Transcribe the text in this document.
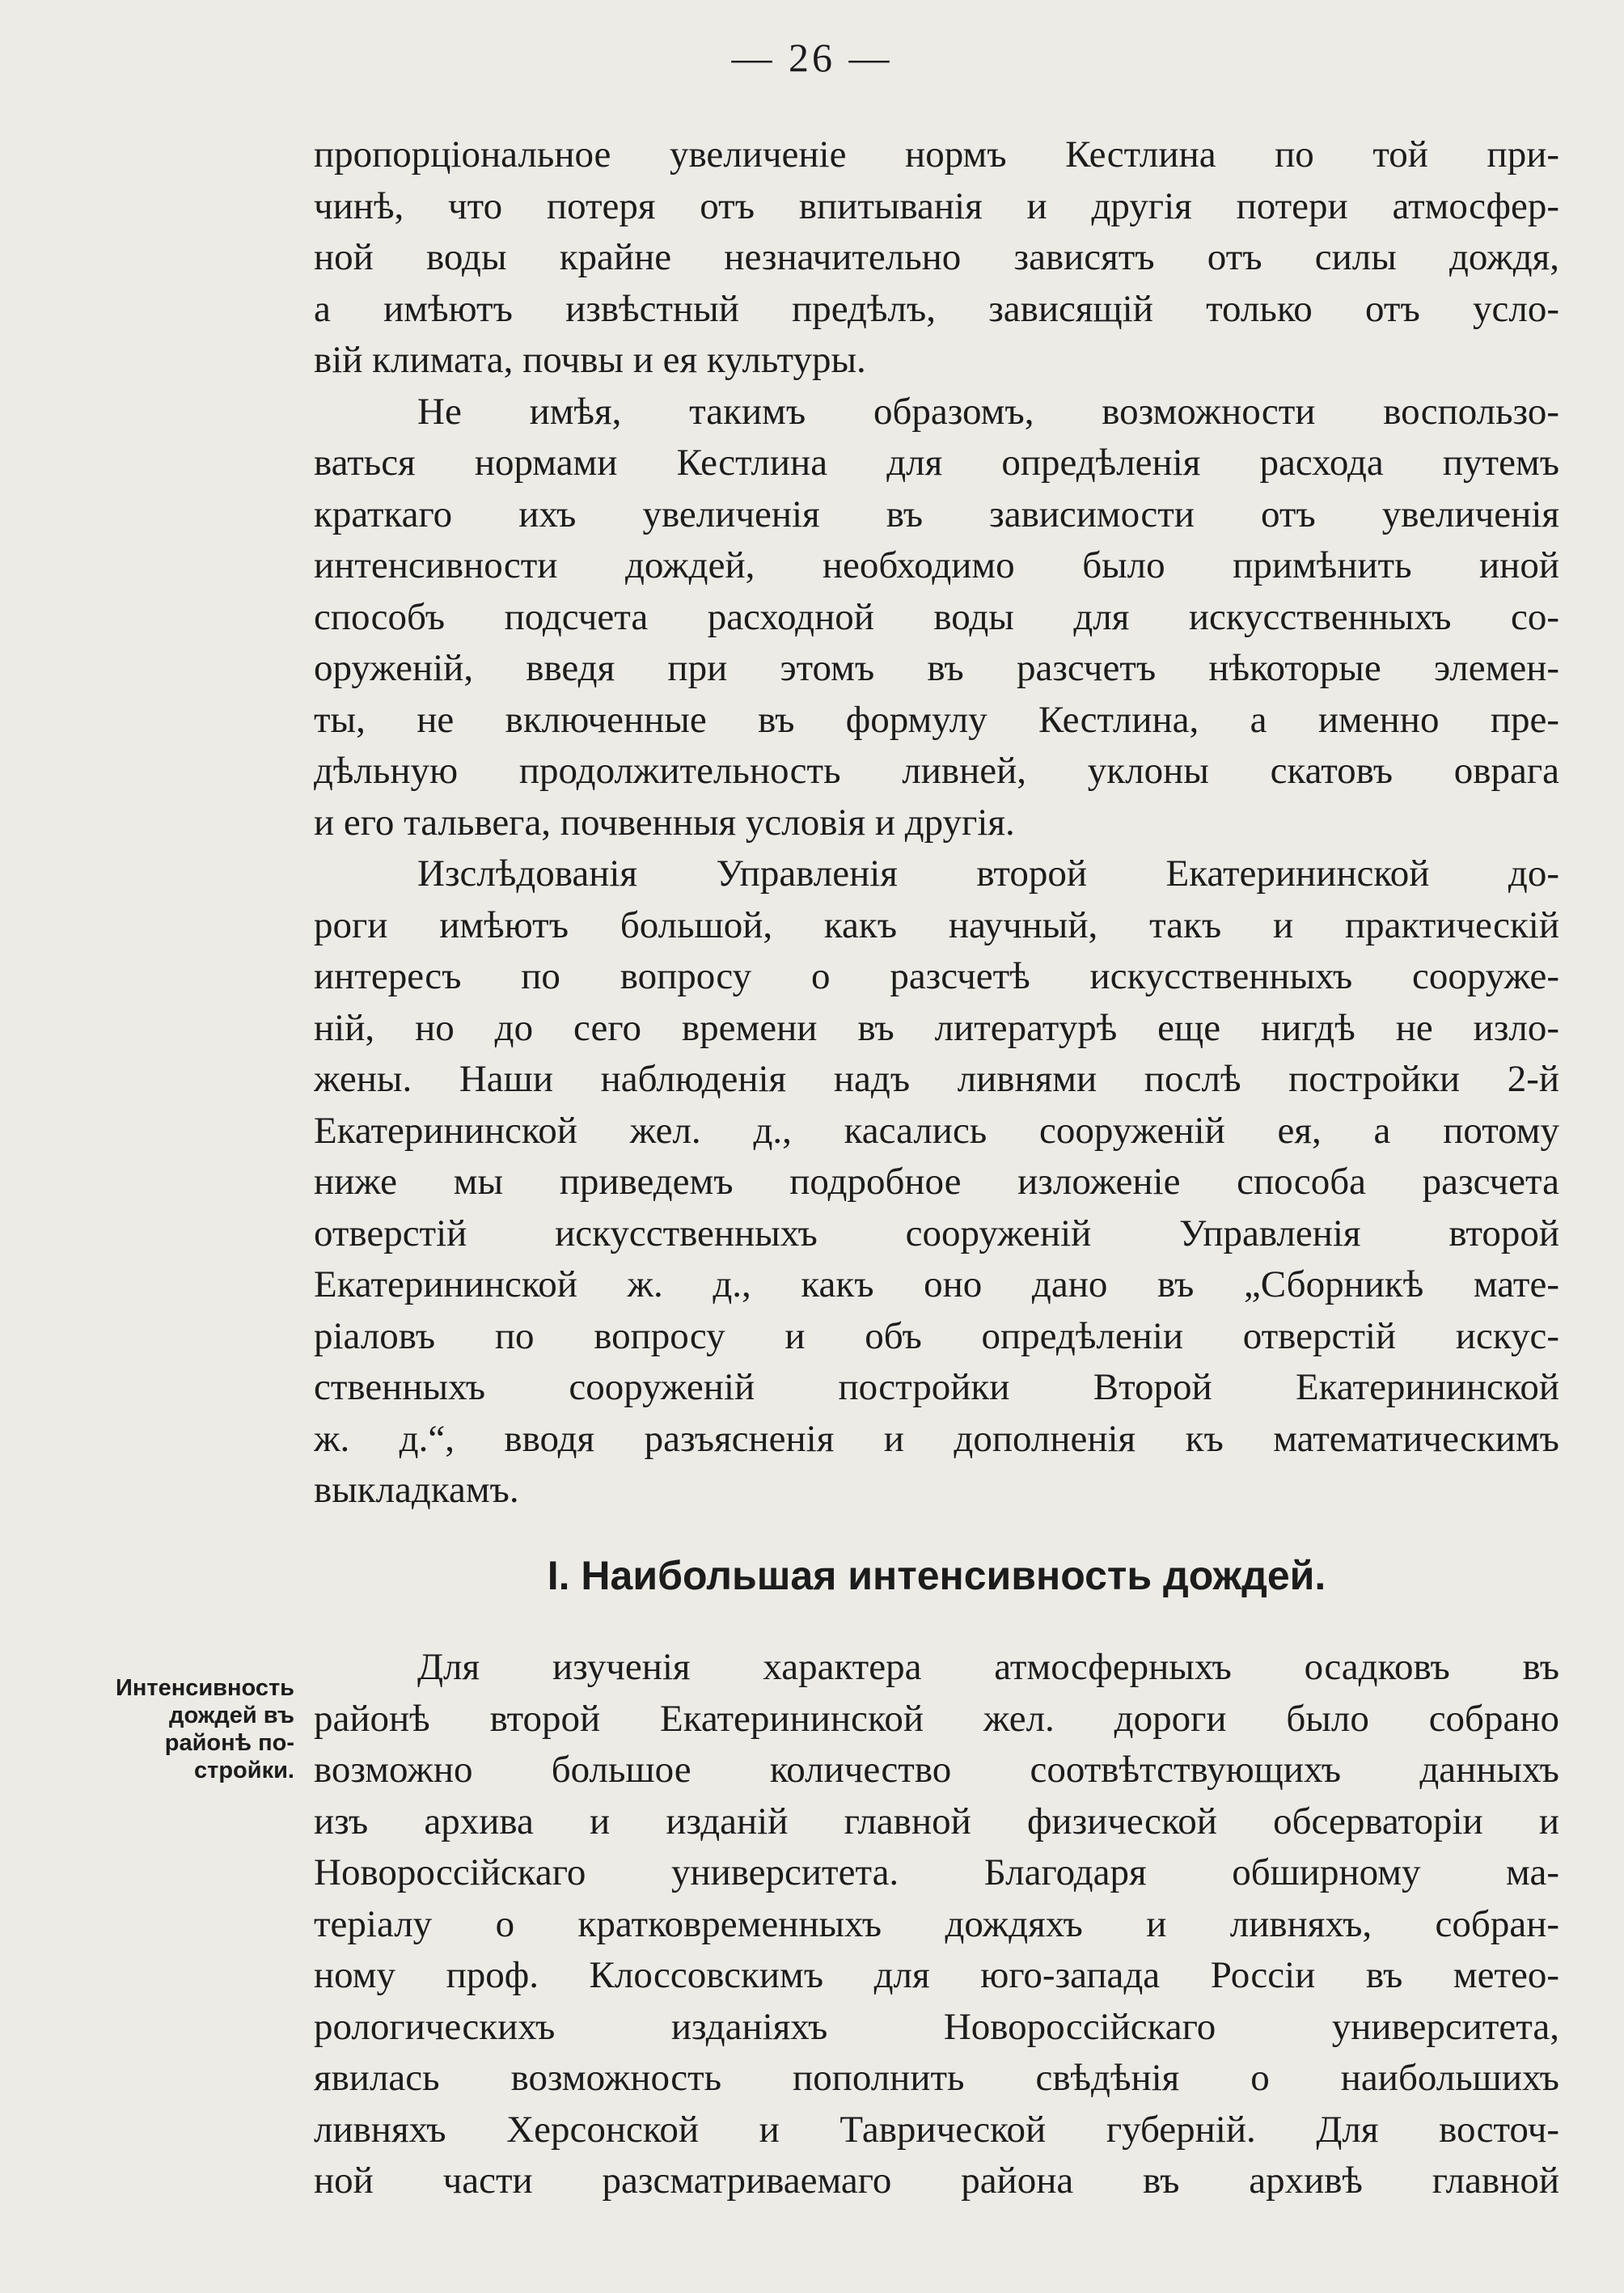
— 26 —
пропорціональное увеличеніе нормъ Кестлина по той при-
чинѣ, что потеря отъ впитыванія и другія потери атмосфер-
ной воды крайне незначительно зависятъ отъ силы дождя,
а имѣютъ извѣстный предѣлъ, зависящій только отъ усло-
вій климата, почвы и ея культуры.
Не имѣя, такимъ образомъ, возможности воспользо-
ваться нормами Кестлина для опредѣленія расхода путемъ
краткаго ихъ увеличенія въ зависимости отъ увеличенія
интенсивности дождей, необходимо было примѣнить иной
способъ подсчета расходной воды для искусственныхъ со-
оруженій, введя при этомъ въ разсчетъ нѣкоторые элемен-
ты, не включенные въ формулу Кестлина, а именно пре-
дѣльную продолжительность ливней, уклоны скатовъ оврага
и его тальвега, почвенныя условія и другія.
Изслѣдованія Управленія второй Екатерининской до-
роги имѣютъ большой, какъ научный, такъ и практическій
интересъ по вопросу о разсчетѣ искусственныхъ сооруже-
ній, но до сего времени въ литературѣ еще нигдѣ не изло-
жены. Наши наблюденія надъ ливнями послѣ постройки 2-й
Екатерининской жел. д., касались сооруженій ея, а потому
ниже мы приведемъ подробное изложеніе способа разсчета
отверстій искусственныхъ сооруженій Управленія второй
Екатерининской ж. д., какъ оно дано въ „Сборникѣ мате-
ріаловъ по вопросу и объ опредѣленіи отверстій искус-
ственныхъ сооруженій постройки Второй Екатерининской
ж. д.“, вводя разъясненія и дополненія къ математическимъ
выкладкамъ.
I. Наибольшая интенсивность дождей.
Интенсивность
дождей въ
районѣ по-
стройки.
Для изученія характера атмосферныхъ осадковъ въ
районѣ второй Екатерининской жел. дороги было собрано
возможно большое количество соотвѣтствующихъ данныхъ
изъ архива и изданій главной физической обсерваторіи и
Новороссійскаго университета. Благодаря обширному ма-
теріалу о кратковременныхъ дождяхъ и ливняхъ, собран-
ному проф. Клоссовскимъ для юго-запада Россіи въ метео-
рологическихъ изданіяхъ Новороссійскаго университета,
явилась возможность пополнить свѣдѣнія о наибольшихъ
ливняхъ Херсонской и Таврической губерній. Для восточ-
ной части разсматриваемаго района въ архивѣ главной
